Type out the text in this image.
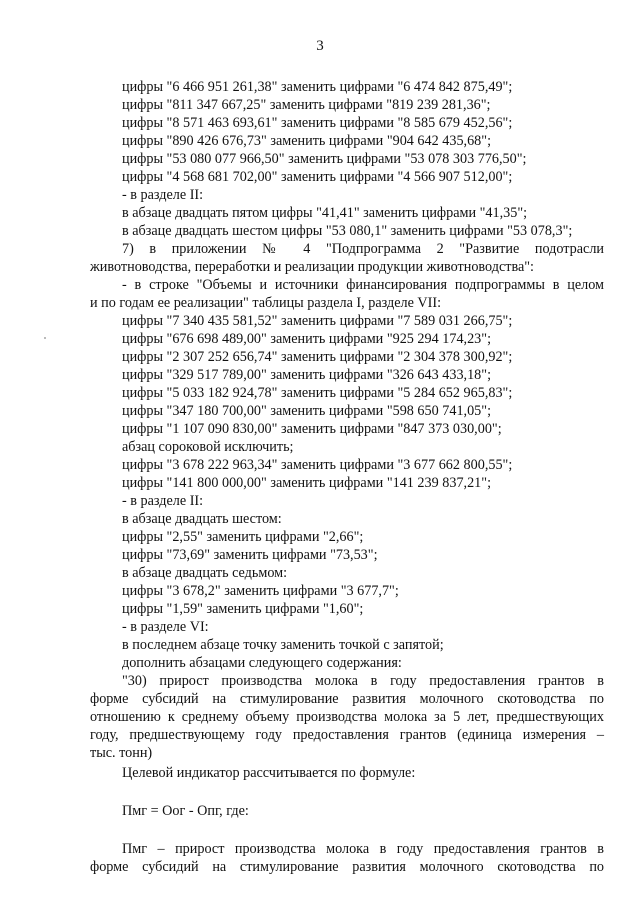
3
цифры "6 466 951 261,38" заменить цифрами "6 474 842 875,49";
цифры "811 347 667,25" заменить цифрами "819 239 281,36";
цифры "8 571 463 693,61" заменить цифрами "8 585 679 452,56";
цифры "890 426 676,73" заменить цифрами "904 642 435,68";
цифры "53 080 077 966,50" заменить цифрами "53 078 303 776,50";
цифры "4 568 681 702,00" заменить цифрами "4 566 907 512,00";
- в разделе II:
в абзаце двадцать пятом цифры "41,41" заменить цифрами "41,35";
в абзаце двадцать шестом цифры "53 080,1" заменить цифрами "53 078,3";
7) в приложении № 4 "Подпрограмма 2 "Развитие подотрасли
животноводства, переработки и реализации продукции животноводства":
- в строке "Объемы и источники финансирования подпрограммы в целом
и по годам ее реализации" таблицы раздела I, разделе VII:
цифры "7 340 435 581,52" заменить цифрами "7 589 031 266,75";
цифры "676 698 489,00" заменить цифрами "925 294 174,23";
цифры "2 307 252 656,74" заменить цифрами "2 304 378 300,92";
цифры "329 517 789,00" заменить цифрами "326 643 433,18";
цифры "5 033 182 924,78" заменить цифрами "5 284 652 965,83";
цифры "347 180 700,00" заменить цифрами "598 650 741,05";
цифры "1 107 090 830,00" заменить цифрами "847 373 030,00";
абзац сороковой исключить;
цифры "3 678 222 963,34" заменить цифрами "3 677 662 800,55";
цифры "141 800 000,00" заменить цифрами "141 239 837,21";
- в разделе II:
в абзаце двадцать шестом:
цифры "2,55" заменить цифрами "2,66";
цифры "73,69" заменить цифрами "73,53";
в абзаце двадцать седьмом:
цифры "3 678,2" заменить цифрами "3 677,7";
цифры "1,59" заменить цифрами "1,60";
- в разделе VI:
в последнем абзаце точку заменить точкой с запятой;
дополнить абзацами следующего содержания:
"30) прирост производства молока в году предоставления грантов в
форме субсидий на стимулирование развития молочного скотоводства по
отношению к среднему объему производства молока за 5 лет, предшествующих
году, предшествующему году предоставления грантов (единица измерения –
тыс. тонн)
Целевой индикатор рассчитывается по формуле:
Пмг = Оог - Опг, где:
Пмг – прирост производства молока в году предоставления грантов в
форме субсидий на стимулирование развития молочного скотоводства по
